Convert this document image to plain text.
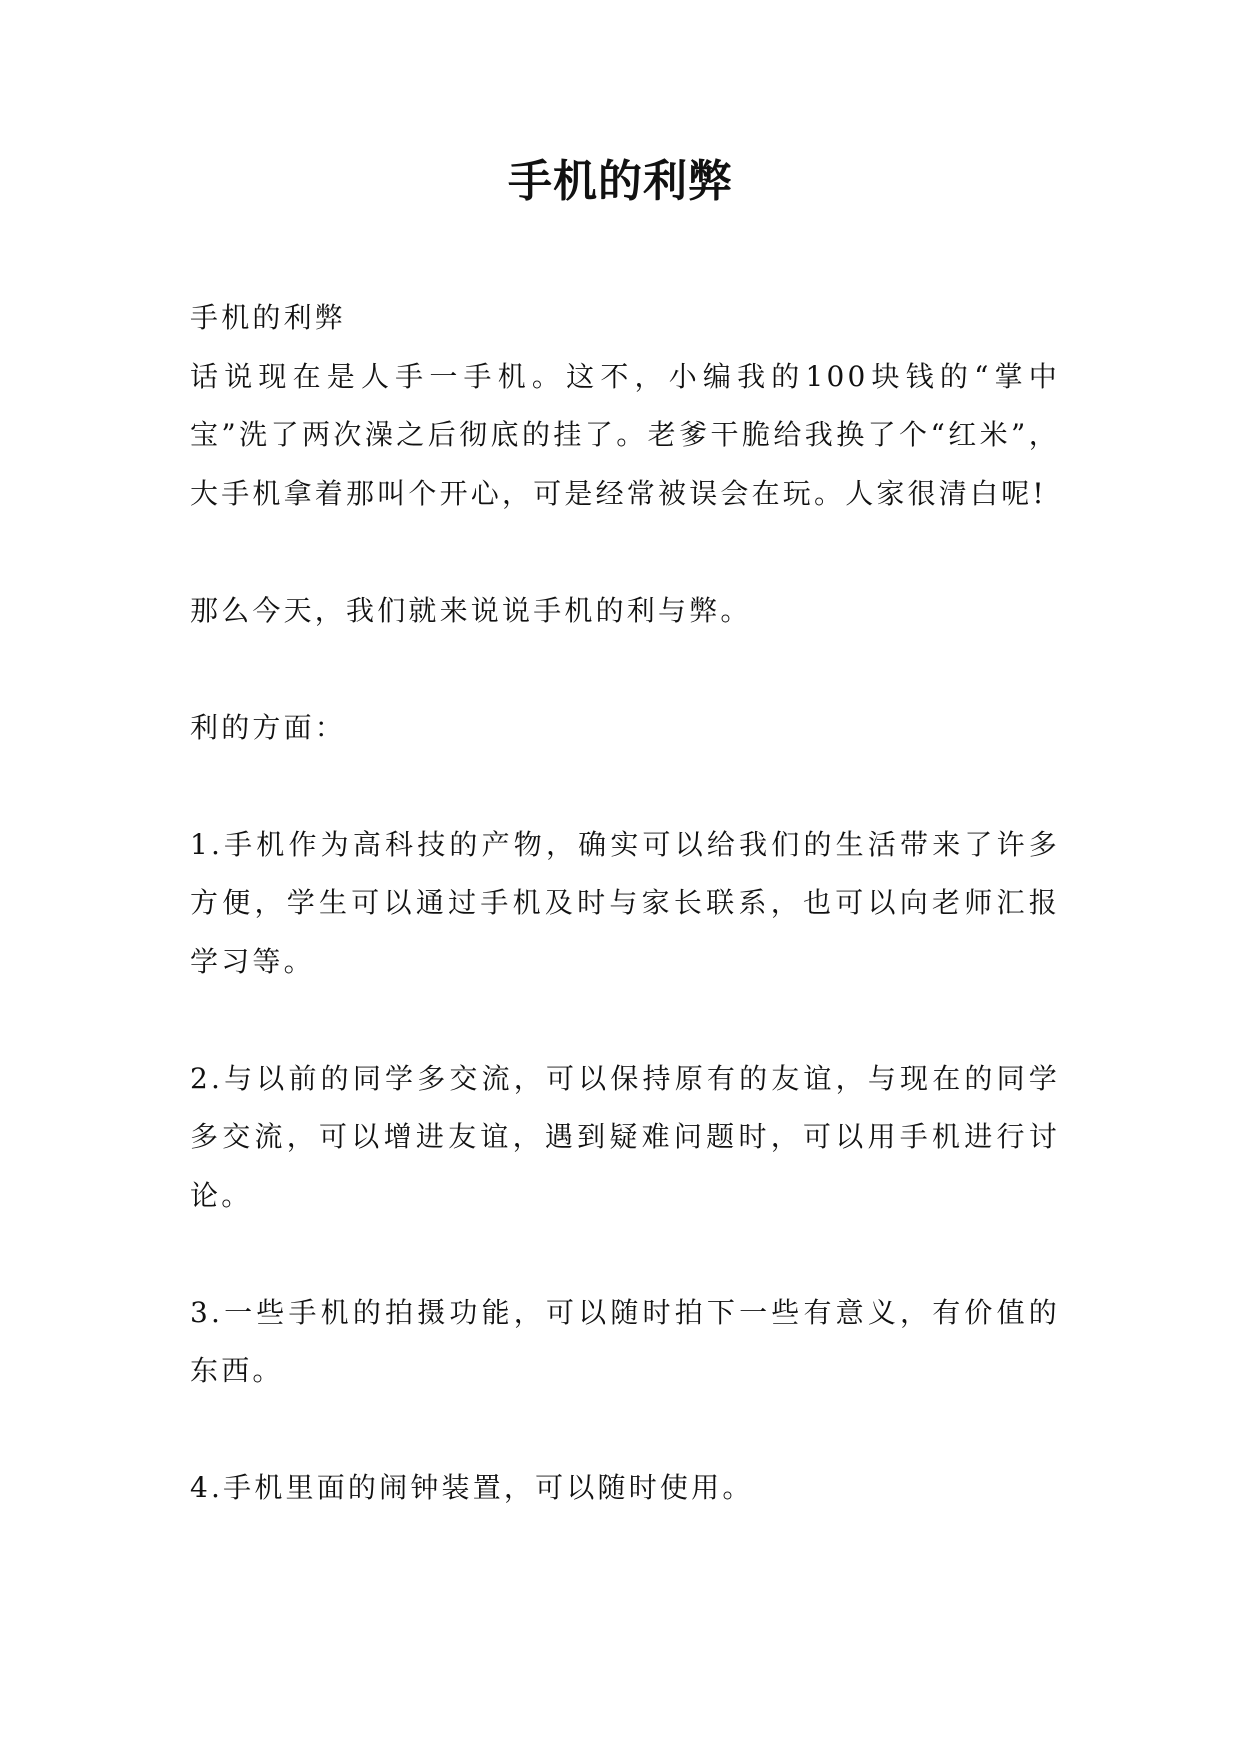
手机的利弊

手机的利弊

话说现在是人手一手机。这不，小编我的100块钱的“掌中宝”洗了两次澡之后彻底的挂了。老爹干脆给我换了个“红米”，大手机拿着那叫个开心，可是经常被误会在玩。人家很清白呢!

那么今天，我们就来说说手机的利与弊。

利的方面：

1.手机作为高科技的产物，确实可以给我们的生活带来了许多方便，学生可以通过手机及时与家长联系，也可以向老师汇报学习等。

2.与以前的同学多交流，可以保持原有的友谊，与现在的同学多交流，可以增进友谊，遇到疑难问题时，可以用手机进行讨论。

3.一些手机的拍摄功能，可以随时拍下一些有意义，有价值的东西。

4.手机里面的闹钟装置，可以随时使用。
